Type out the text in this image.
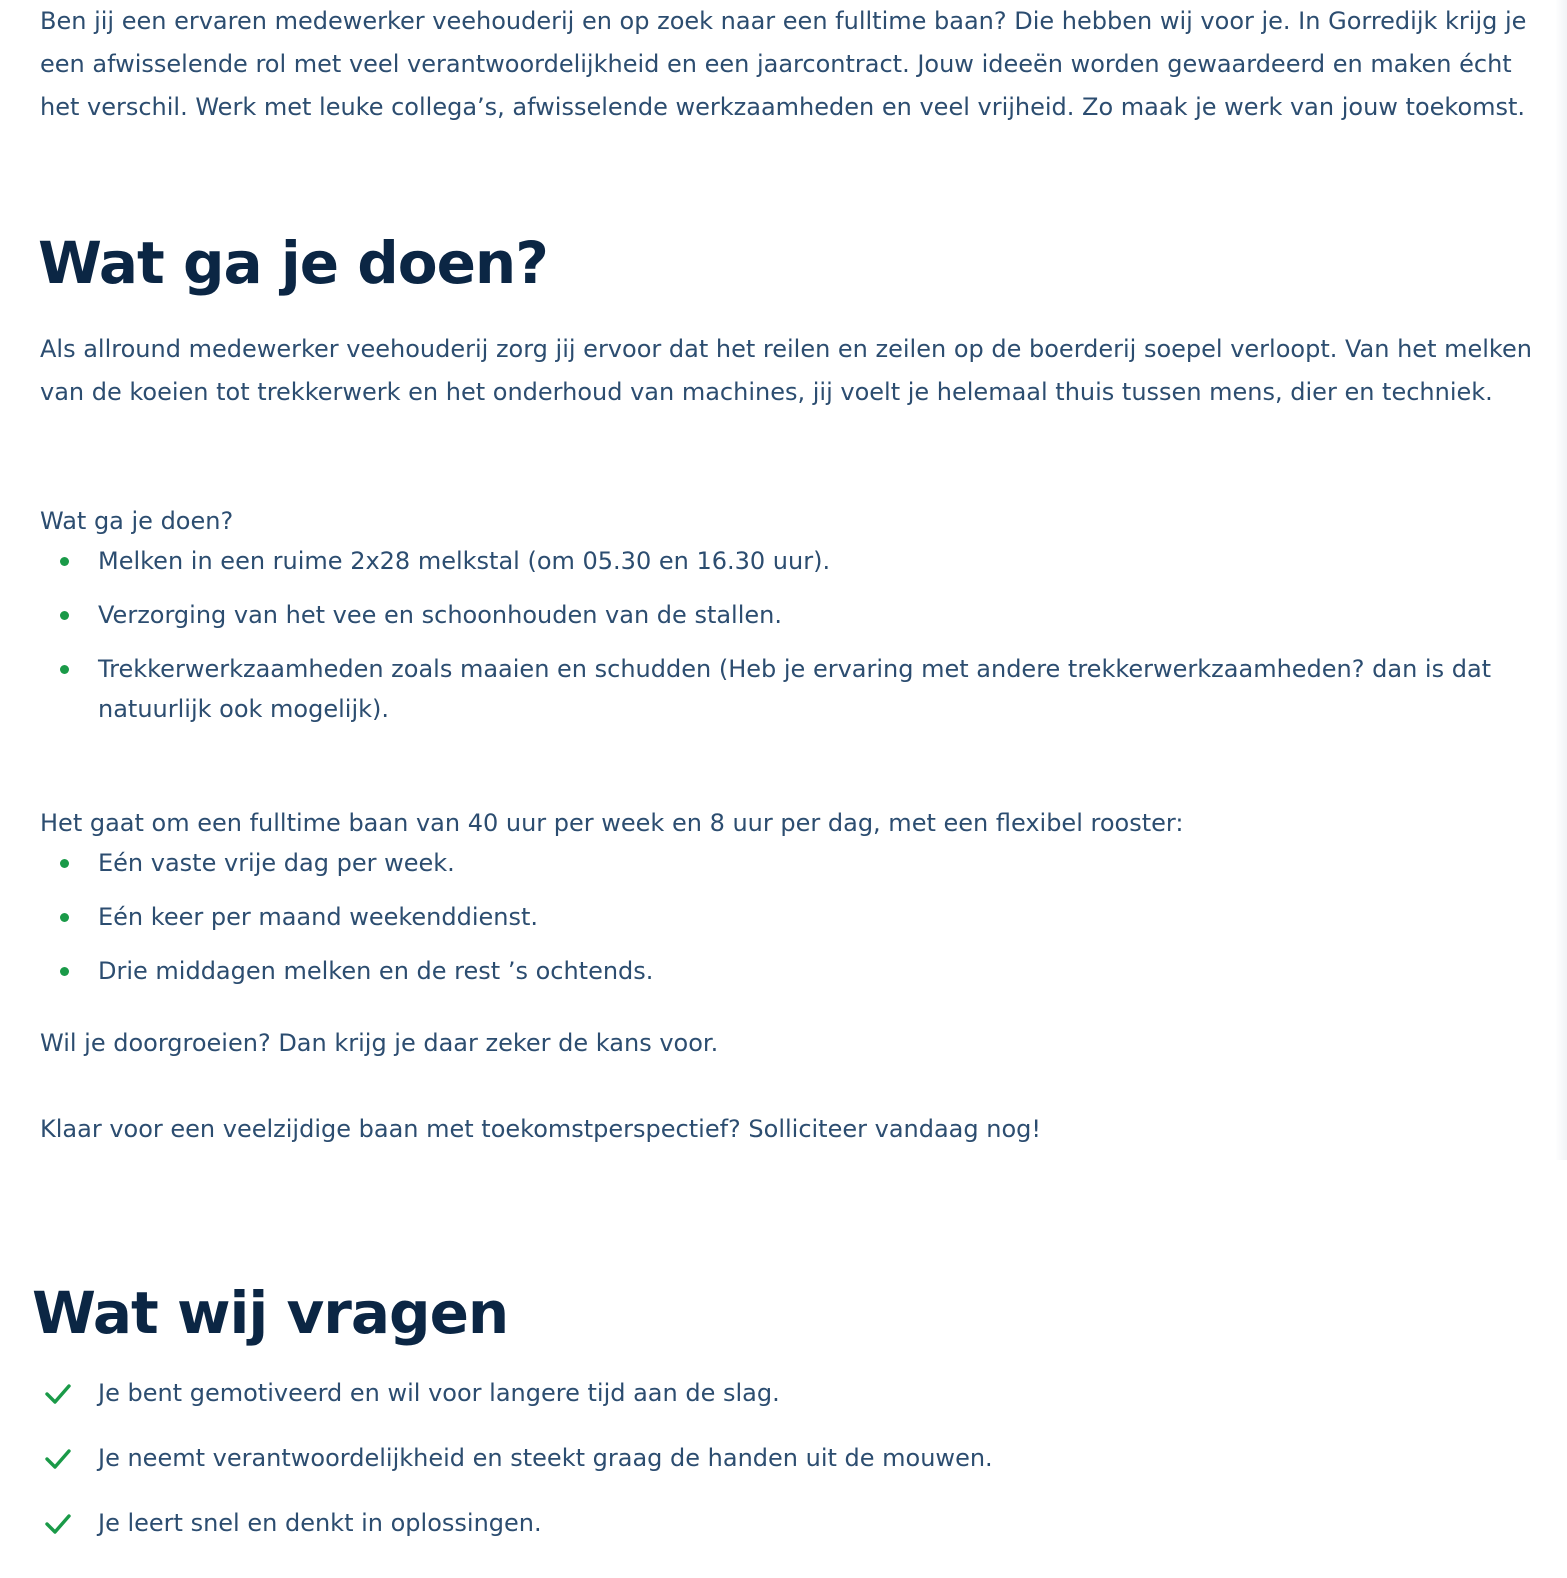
Ben jij een ervaren medewerker veehouderij en op zoek naar een fulltime baan? Die hebben wij voor je. In Gorredijk krijg je een afwisselende rol met veel verantwoordelijkheid en een jaarcontract. Jouw ideeën worden gewaardeerd en maken écht het verschil. Werk met leuke collega’s, afwisselende werkzaamheden en veel vrijheid. Zo maak je werk van jouw toekomst.

Wat ga je doen?

Als allround medewerker veehouderij zorg jij ervoor dat het reilen en zeilen op de boerderij soepel verloopt. Van het melken van de koeien tot trekkerwerk en het onderhoud van machines, jij voelt je helemaal thuis tussen mens, dier en techniek.

Wat ga je doen?

Melken in een ruime 2x28 melkstal (om 05.30 en 16.30 uur).
Verzorging van het vee en schoonhouden van de stallen.
Trekkerwerkzaamheden zoals maaien en schudden (Heb je ervaring met andere trekkerwerkzaamheden? dan is dat natuurlijk ook mogelijk).

Het gaat om een fulltime baan van 40 uur per week en 8 uur per dag, met een flexibel rooster:

Eén vaste vrije dag per week.
Eén keer per maand weekenddienst.
Drie middagen melken en de rest ’s ochtends.

Wil je doorgroeien? Dan krijg je daar zeker de kans voor.

Klaar voor een veelzijdige baan met toekomstperspectief? Solliciteer vandaag nog!

Wat wij vragen
Je bent gemotiveerd en wil voor langere tijd aan de slag.
Je neemt verantwoordelijkheid en steekt graag de handen uit de mouwen.
Je leert snel en denkt in oplossingen.
